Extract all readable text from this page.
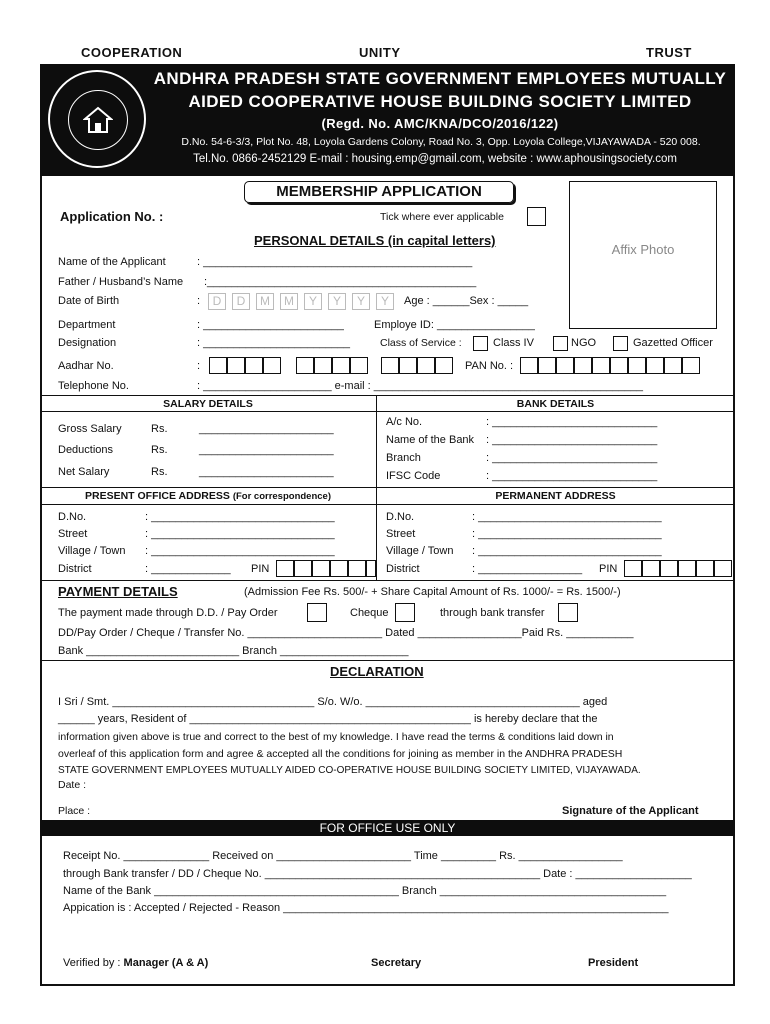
COOPERATION	UNITY	TRUST
ANDHRA PRADESH STATE GOVERNMENT EMPLOYEES MUTUALLY
AIDED COOPERATIVE HOUSE BUILDING SOCIETY LIMITED
(Regd. No. AMC/KNA/DCO/2016/122)
D.No. 54-6-3/3, Plot No. 48, Loyola Gardens Colony, Road No. 3, Opp. Loyola College,VIJAYAWADA - 520 008.
Tel.No. 0866-2452129 E-mail : housing.emp@gmail.com, website : www.aphousingsociety.com
MEMBERSHIP APPLICATION
Application No. :	Tick where ever applicable
Affix Photo
PERSONAL DETAILS (in capital letters)
Name of the Applicant	: ____________________________________________
Father / Husband’s Name :____________________________________________
Date of Birth	:	D	D	M	M	Y	Y	Y	Y	Age : ______Sex : _____
Department	: _______________________	Employe ID: ________________
Designation	: ________________________	Class of Service :	Class IV	NGO	Gazetted Officer
Aadhar No.	:	PAN No. :
Telephone No.	: _____________________ e-mail : ____________________________________________
SALARY DETAILS	BANK DETAILS
Gross Salary	Rs.	______________________
Deductions	Rs.	______________________
Net Salary	Rs.	______________________
A/c No.	: ___________________________
Name of the Bank : ___________________________
Branch	: ___________________________
IFSC Code	: ___________________________
PRESENT OFFICE ADDRESS (For correspondence)	PERMANENT ADDRESS
D.No.	: ______________________________
Street	: ______________________________
Village / Town : ______________________________
District	: _____________ PIN
D.No.	: ______________________________
Street	: ______________________________
Village / Town : ______________________________
District	: _________________ PIN
PAYMENT DETAILS	(Admission Fee Rs. 500/- + Share Capital Amount of Rs. 1000/- = Rs. 1500/-)
The payment made through D.D. / Pay Order	Cheque	through bank transfer
DD/Pay Order / Cheque / Transfer No. ______________________ Dated _________________Paid Rs. ___________
Bank _________________________ Branch _____________________
DECLARATION
I Sri / Smt. _________________________________ S/o. W/o. ___________________________________ aged
______ years, Resident of ______________________________________________ is hereby declare that the
information given above is true and correct to the best of my knowledge. I have read the terms & conditions laid down in
overleaf of this application form and agree & accepted all the conditions for joining as member in the ANDHRA PRADESH
STATE GOVERNMENT EMPLOYEES MUTUALLY AIDED CO-OPERATIVE HOUSE BUILDING SOCIETY LIMITED, VIJAYAWADA.
Date :
Place :	Signature of the Applicant
FOR OFFICE USE ONLY
Receipt No. ______________ Received on ______________________ Time _________ Rs. _________________
through Bank transfer / DD / Cheque No. _____________________________________________ Date : ___________________
Name of the Bank ________________________________________ Branch _____________________________________
Appication is : Accepted / Rejected - Reason _______________________________________________________________
Verified by : Manager (A & A)	Secretary	President
